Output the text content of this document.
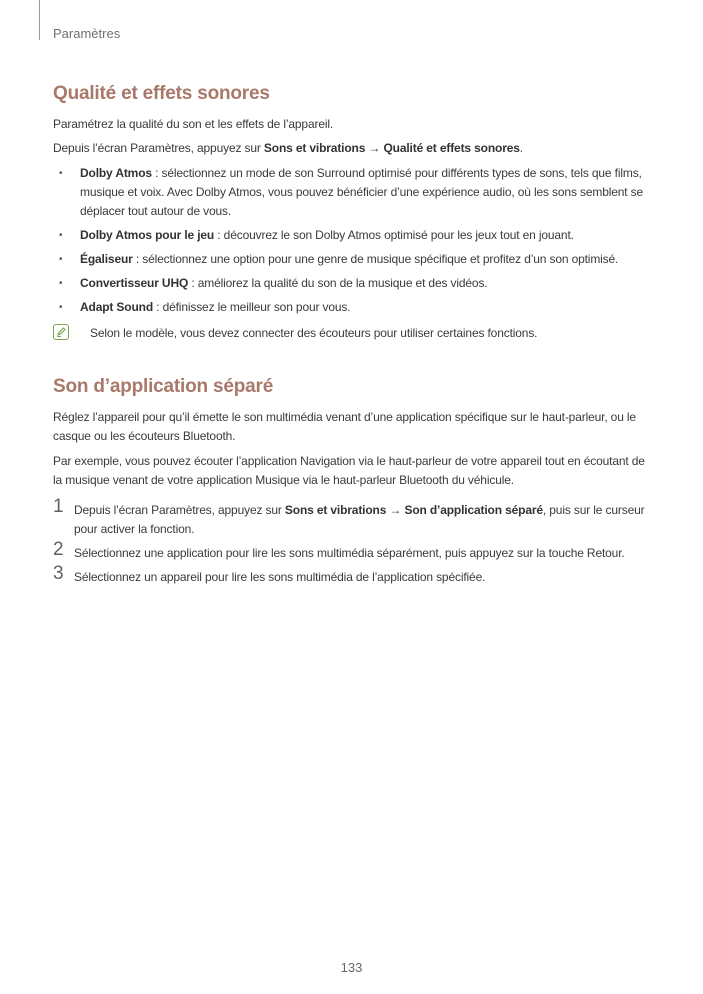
Paramètres
Qualité et effets sonores

Paramétrez la qualité du son et les effets de l’appareil.

Depuis l’écran Paramètres, appuyez sur Sons et vibrations → Qualité et effets sonores.

• Dolby Atmos : sélectionnez un mode de son Surround optimisé pour différents types de sons, tels que films, musique et voix. Avec Dolby Atmos, vous pouvez bénéficier d’une expérience audio, où les sons semblent se déplacer tout autour de vous.
• Dolby Atmos pour le jeu : découvrez le son Dolby Atmos optimisé pour les jeux tout en jouant.
• Égaliseur : sélectionnez une option pour une genre de musique spécifique et profitez d’un son optimisé.
• Convertisseur UHQ : améliorez la qualité du son de la musique et des vidéos.
• Adapt Sound : définissez le meilleur son pour vous.

Selon le modèle, vous devez connecter des écouteurs pour utiliser certaines fonctions.

Son d’application séparé

Réglez l’appareil pour qu’il émette le son multimédia venant d’une application spécifique sur le haut-parleur, ou le casque ou les écouteurs Bluetooth.

Par exemple, vous pouvez écouter l’application Navigation via le haut-parleur de votre appareil tout en écoutant de la musique venant de votre application Musique via le haut-parleur Bluetooth du véhicule.

1 Depuis l’écran Paramètres, appuyez sur Sons et vibrations → Son d’application séparé, puis sur le curseur pour activer la fonction.
2 Sélectionnez une application pour lire les sons multimédia séparément, puis appuyez sur la touche Retour.
3 Sélectionnez un appareil pour lire les sons multimédia de l’application spécifiée.
133
